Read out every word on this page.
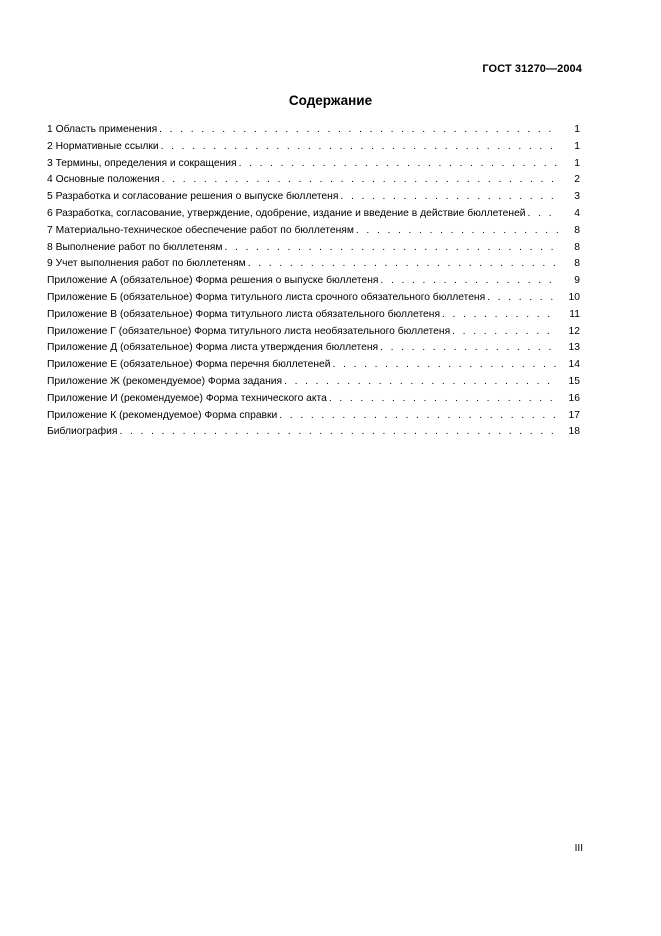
ГОСТ 31270—2004
Содержание
1 Область применения . . .	1
2 Нормативные ссылки . . .	1
3 Термины, определения и сокращения . . .	1
4 Основные положения . . .	2
5 Разработка и согласование решения о выпуске бюллетеня . . .	3
6 Разработка, согласование, утверждение, одобрение, издание и введение в действие бюллетеней . . .	4
7 Материально-техническое обеспечение работ по бюллетеням . . .	8
8 Выполнение работ по бюллетеням . . .	8
9 Учет выполнения работ по бюллетеням . . .	8
Приложение А (обязательное) Форма решения о выпуске бюллетеня . . .	9
Приложение Б (обязательное) Форма титульного листа срочного обязательного бюллетеня . . .	10
Приложение В (обязательное) Форма титульного листа обязательного бюллетеня . . .	11
Приложение Г (обязательное) Форма титульного листа необязательного бюллетеня . . .	12
Приложение Д (обязательное) Форма листа утверждения бюллетеня . . .	13
Приложение Е (обязательное) Форма перечня бюллетеней . . .	14
Приложение Ж (рекомендуемое) Форма задания . . .	15
Приложение И (рекомендуемое) Форма технического акта . . .	16
Приложение К (рекомендуемое) Форма справки . . .	17
Библиография . . .	18
III
